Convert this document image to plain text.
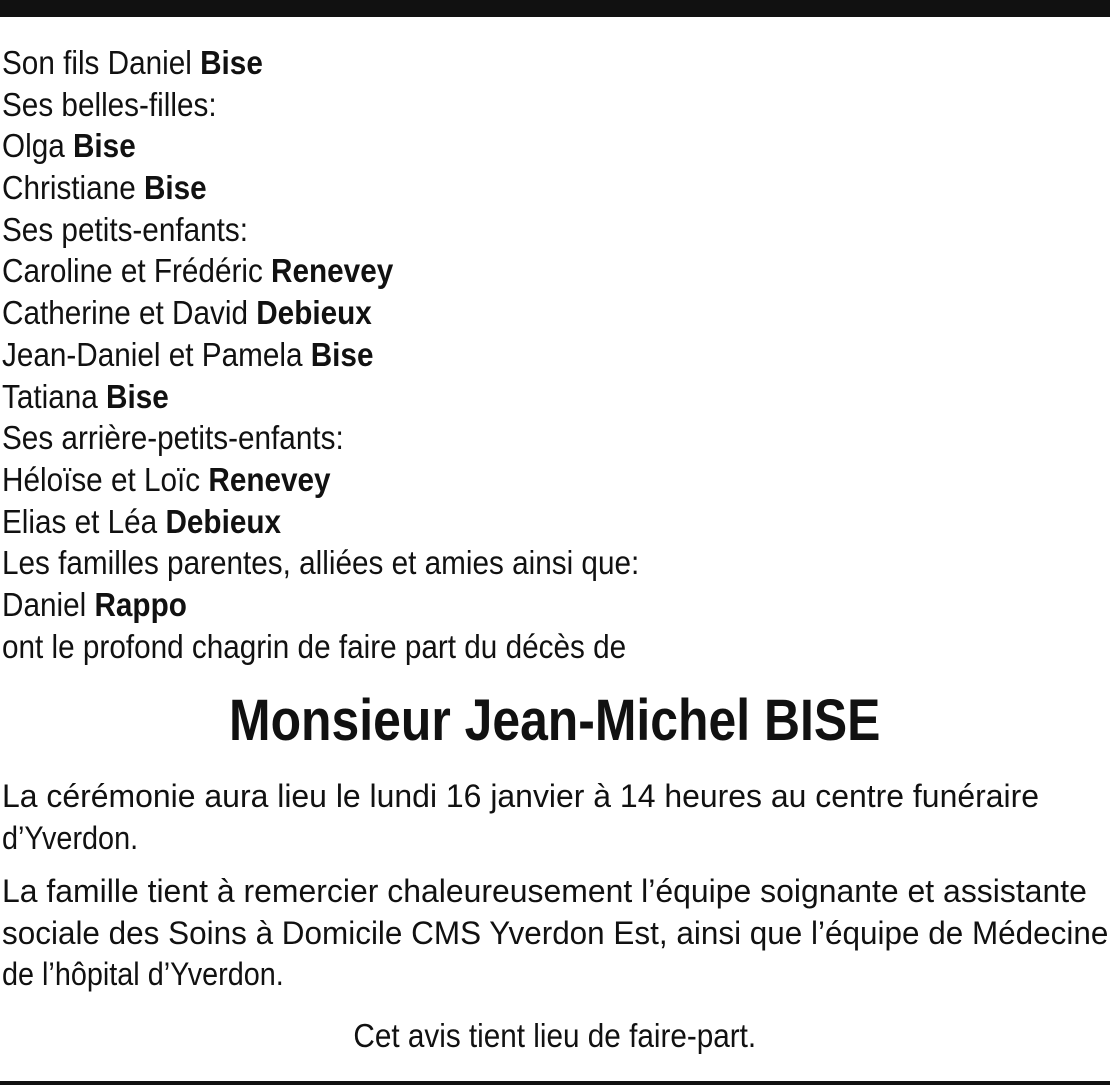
Son fils Daniel Bise
Ses belles-filles:
Olga Bise
Christiane Bise
Ses petits-enfants:
Caroline et Frédéric Renevey
Catherine et David Debieux
Jean-Daniel et Pamela Bise
Tatiana Bise
Ses arrière-petits-enfants:
Héloïse et Loïc Renevey
Elias et Léa Debieux
Les familles parentes, alliées et amies ainsi que:
Daniel Rappo
ont le profond chagrin de faire part du décès de
Monsieur Jean-Michel BISE
La cérémonie aura lieu le lundi 16 janvier à 14 heures au centre funéraire
d’Yverdon.
La famille tient à remercier chaleureusement l’équipe soignante et assistante
sociale des Soins à Domicile CMS Yverdon Est, ainsi que l’équipe de Médecine
de l’hôpital d’Yverdon.
Cet avis tient lieu de faire-part.
